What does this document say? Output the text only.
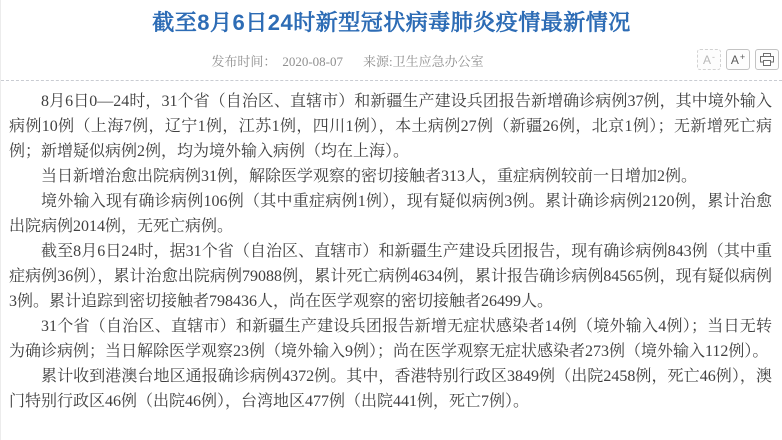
截至8月6日24时新型冠状病毒肺炎疫情最新情况
发布时间： 2020-08-07 来源:卫生应急办公室	A - A +

8月6日0—24时，31个省（自治区、直辖市）和新疆生产建设兵团报告新增确诊病例37例，其中境外输入病例10例（上海7例，辽宁1例，江苏1例，四川1例），本土病例27例（新疆26例，北京1例）；无新增死亡病例；新增疑似病例2例，均为境外输入病例（均在上海）。

当日新增治愈出院病例31例，解除医学观察的密切接触者313人，重症病例较前一日增加2例。

境外输入现有确诊病例106例（其中重症病例1例），现有疑似病例3例。累计确诊病例2120例，累计治愈出院病例2014例，无死亡病例。

截至8月6日24时，据31个省（自治区、直辖市）和新疆生产建设兵团报告，现有确诊病例843例（其中重症病例36例），累计治愈出院病例79088例，累计死亡病例4634例，累计报告确诊病例84565例，现有疑似病例3例。累计追踪到密切接触者798436人，尚在医学观察的密切接触者26499人。

31个省（自治区、直辖市）和新疆生产建设兵团报告新增无症状感染者14例（境外输入4例）；当日无转为确诊病例；当日解除医学观察23例（境外输入9例）；尚在医学观察无症状感染者273例（境外输入112例）。

累计收到港澳台地区通报确诊病例4372例。其中，香港特别行政区3849例（出院2458例，死亡46例），澳门特别行政区46例（出院46例），台湾地区477例（出院441例，死亡7例）。
